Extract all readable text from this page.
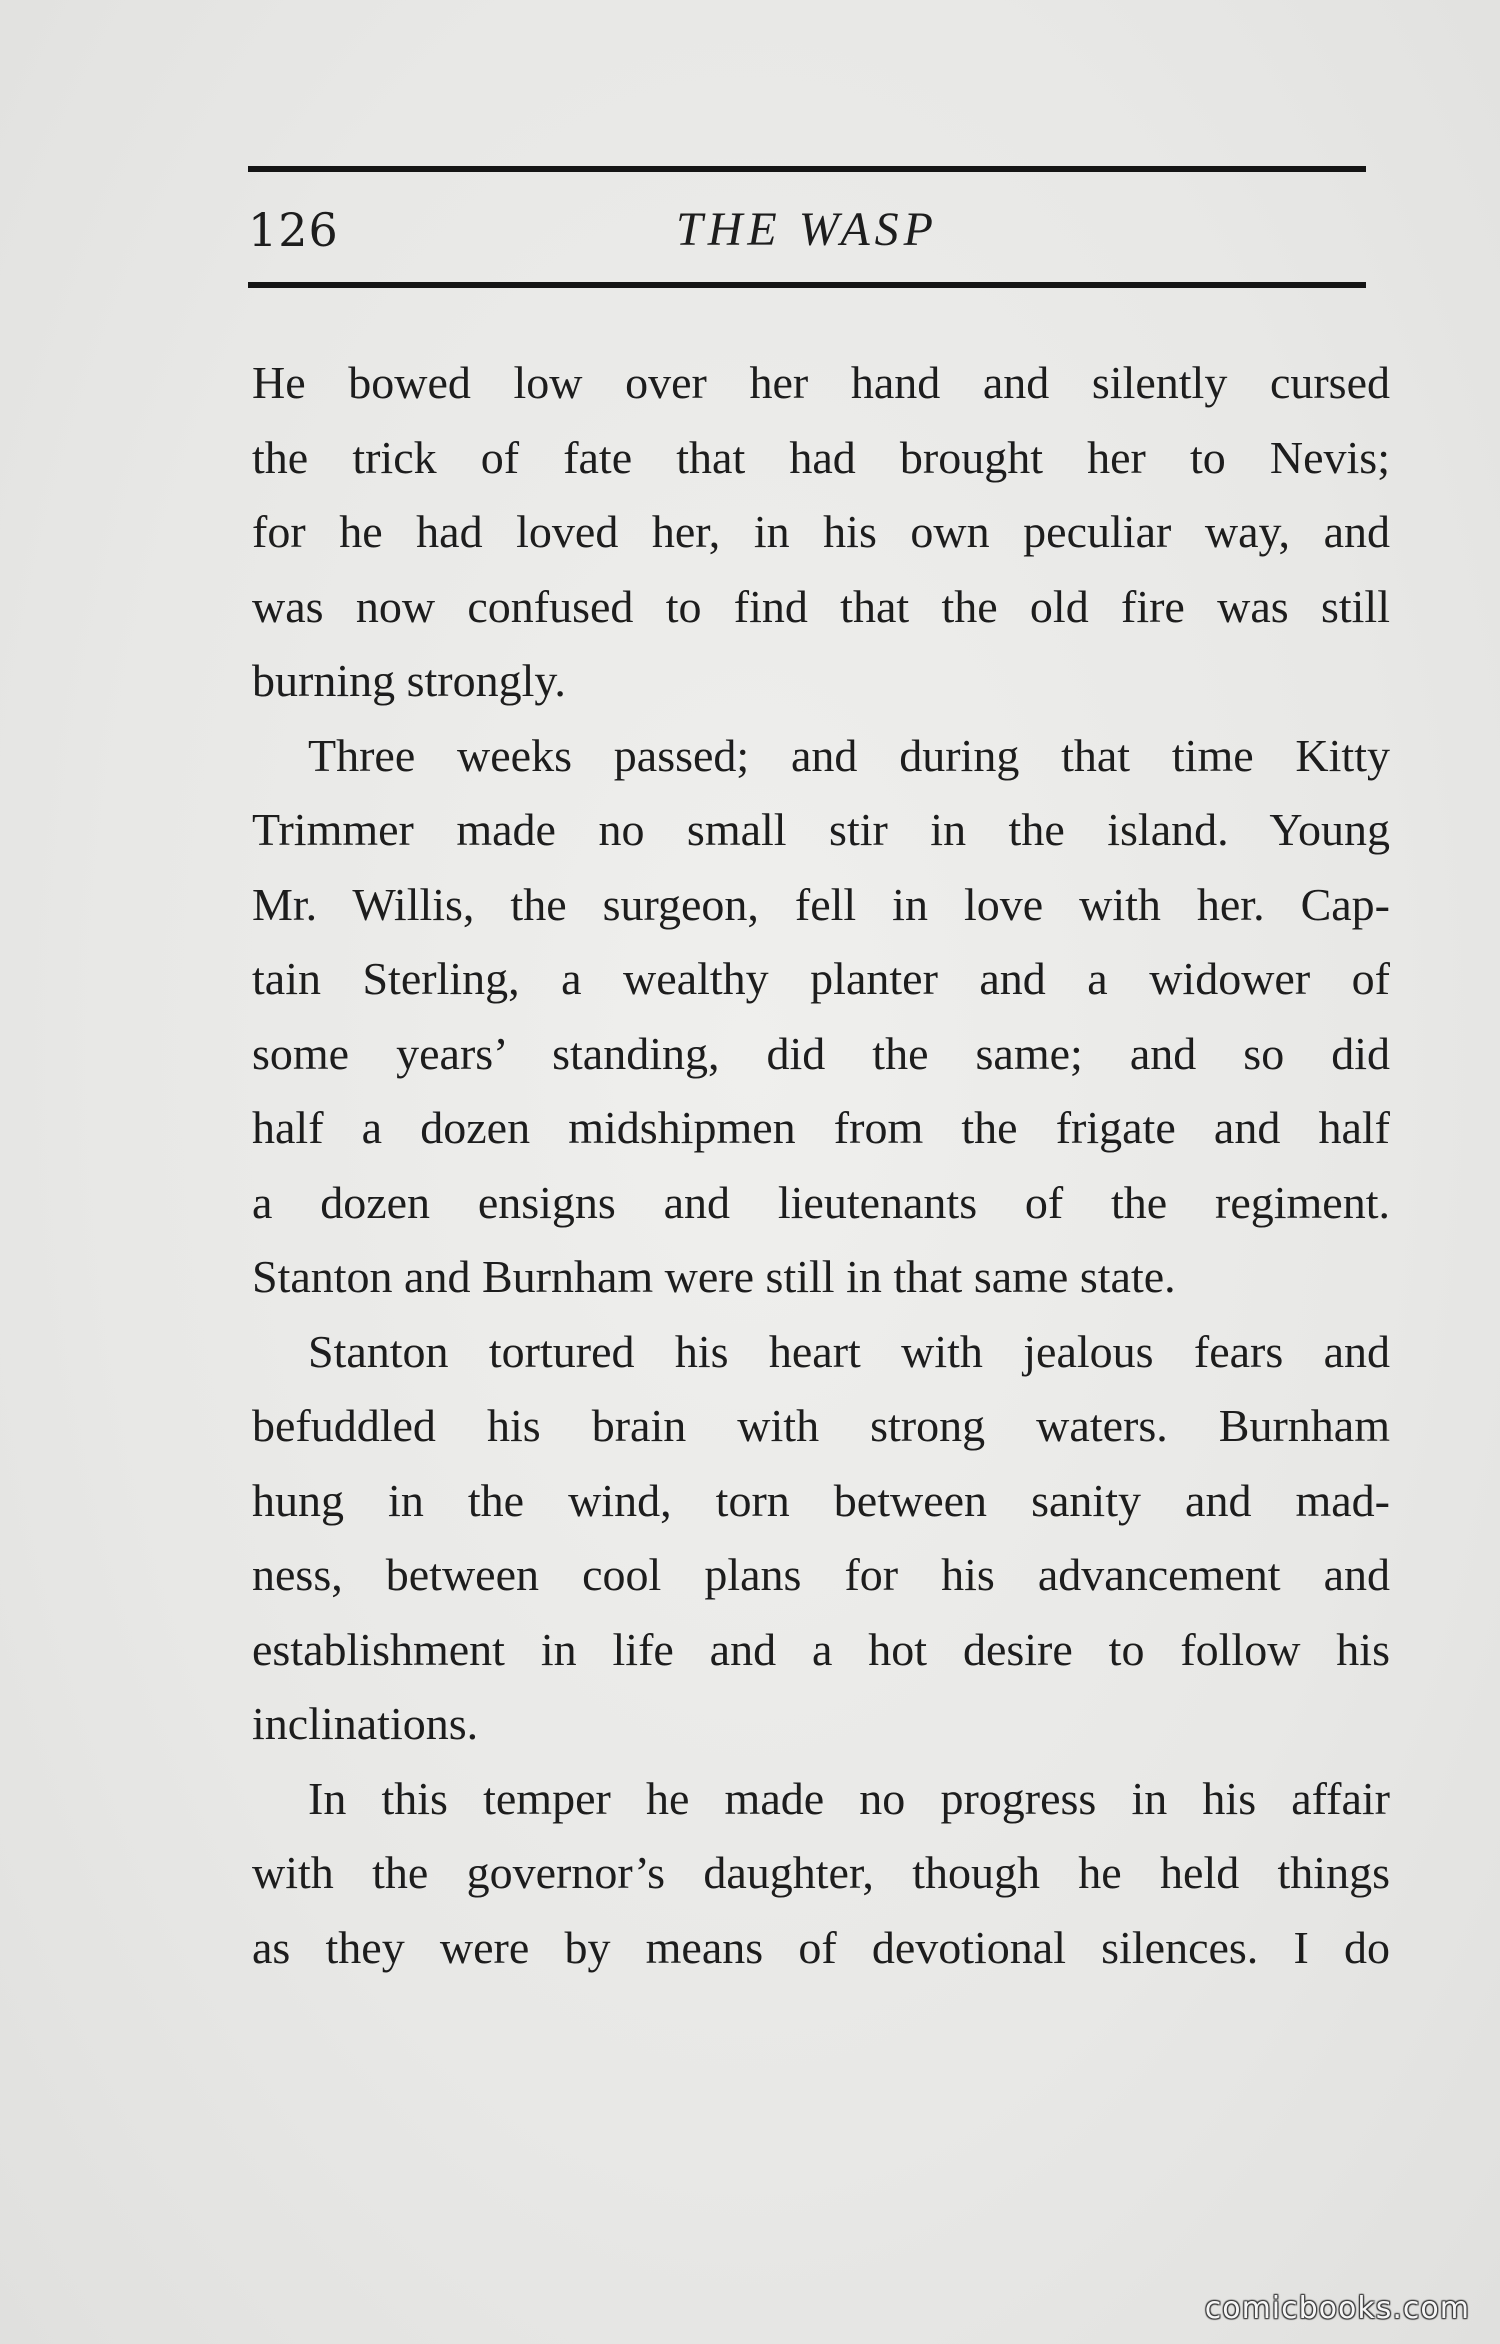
126	THE WASP
He bowed low over her hand and silently cursed
the trick of fate that had brought her to Nevis;
for he had loved her, in his own peculiar way, and
was now confused to find that the old fire was still
burning strongly.
Three weeks passed; and during that time Kitty
Trimmer made no small stir in the island. Young
Mr. Willis, the surgeon, fell in love with her. Cap-
tain Sterling, a wealthy planter and a widower of
some years’ standing, did the same; and so did
half a dozen midshipmen from the frigate and half
a dozen ensigns and lieutenants of the regiment.
Stanton and Burnham were still in that same state.
Stanton tortured his heart with jealous fears and
befuddled his brain with strong waters. Burnham
hung in the wind, torn between sanity and mad-
ness, between cool plans for his advancement and
establishment in life and a hot desire to follow his
inclinations.
In this temper he made no progress in his affair
with the governor’s daughter, though he held things
as they were by means of devotional silences. I do
comicbooks.com
